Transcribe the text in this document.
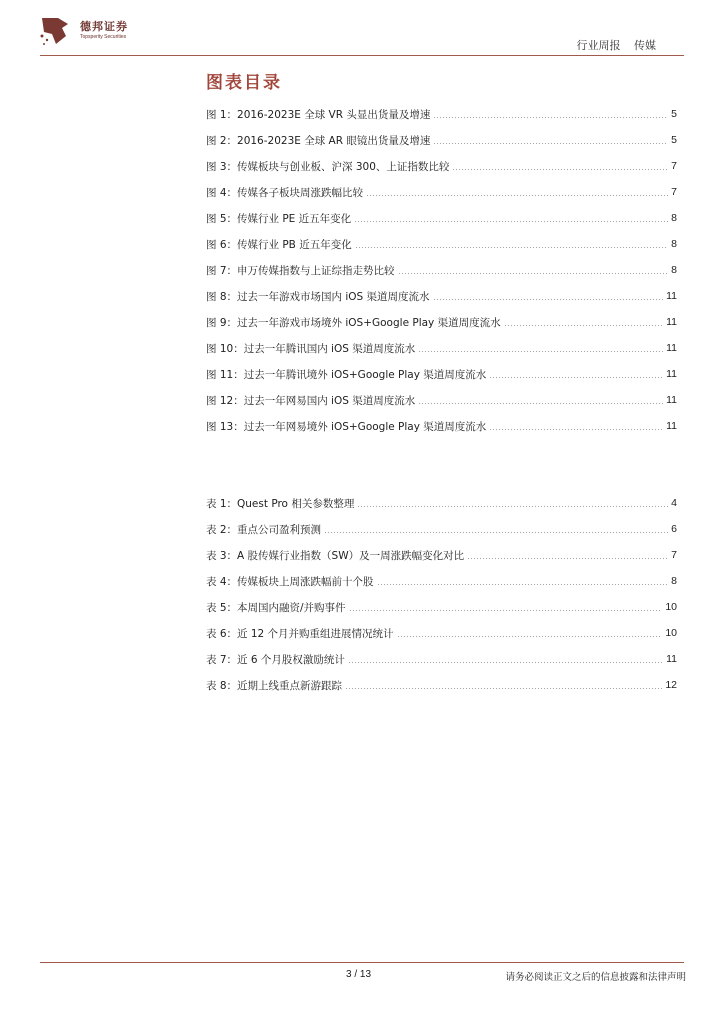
德邦证券
Topsperity Securities
行业周报 传媒
图表目录
图 1：2016-2023E 全球 VR 头显出货量及增速	5
图 2：2016-2023E 全球 AR 眼镜出货量及增速	5
图 3：传媒板块与创业板、沪深 300、上证指数比较	7
图 4：传媒各子板块周涨跌幅比较	7
图 5：传媒行业 PE 近五年变化	8
图 6：传媒行业 PB 近五年变化	8
图 7：申万传媒指数与上证综指走势比较	8
图 8：过去一年游戏市场国内 iOS 渠道周度流水	11
图 9：过去一年游戏市场境外 iOS+Google Play 渠道周度流水	11
图 10：过去一年腾讯国内 iOS 渠道周度流水	11
图 11：过去一年腾讯境外 iOS+Google Play 渠道周度流水	11
图 12：过去一年网易国内 iOS 渠道周度流水	11
图 13：过去一年网易境外 iOS+Google Play 渠道周度流水	11
表 1：Quest Pro 相关参数整理	4
表 2：重点公司盈利预测	6
表 3：A 股传媒行业指数（SW）及一周涨跌幅变化对比	7
表 4：传媒板块上周涨跌幅前十个股	8
表 5：本周国内融资/并购事件	10
表 6：近 12 个月并购重组进展情况统计	10
表 7：近 6 个月股权激励统计	11
表 8：近期上线重点新游跟踪	12
3 / 13	请务必阅读正文之后的信息披露和法律声明
